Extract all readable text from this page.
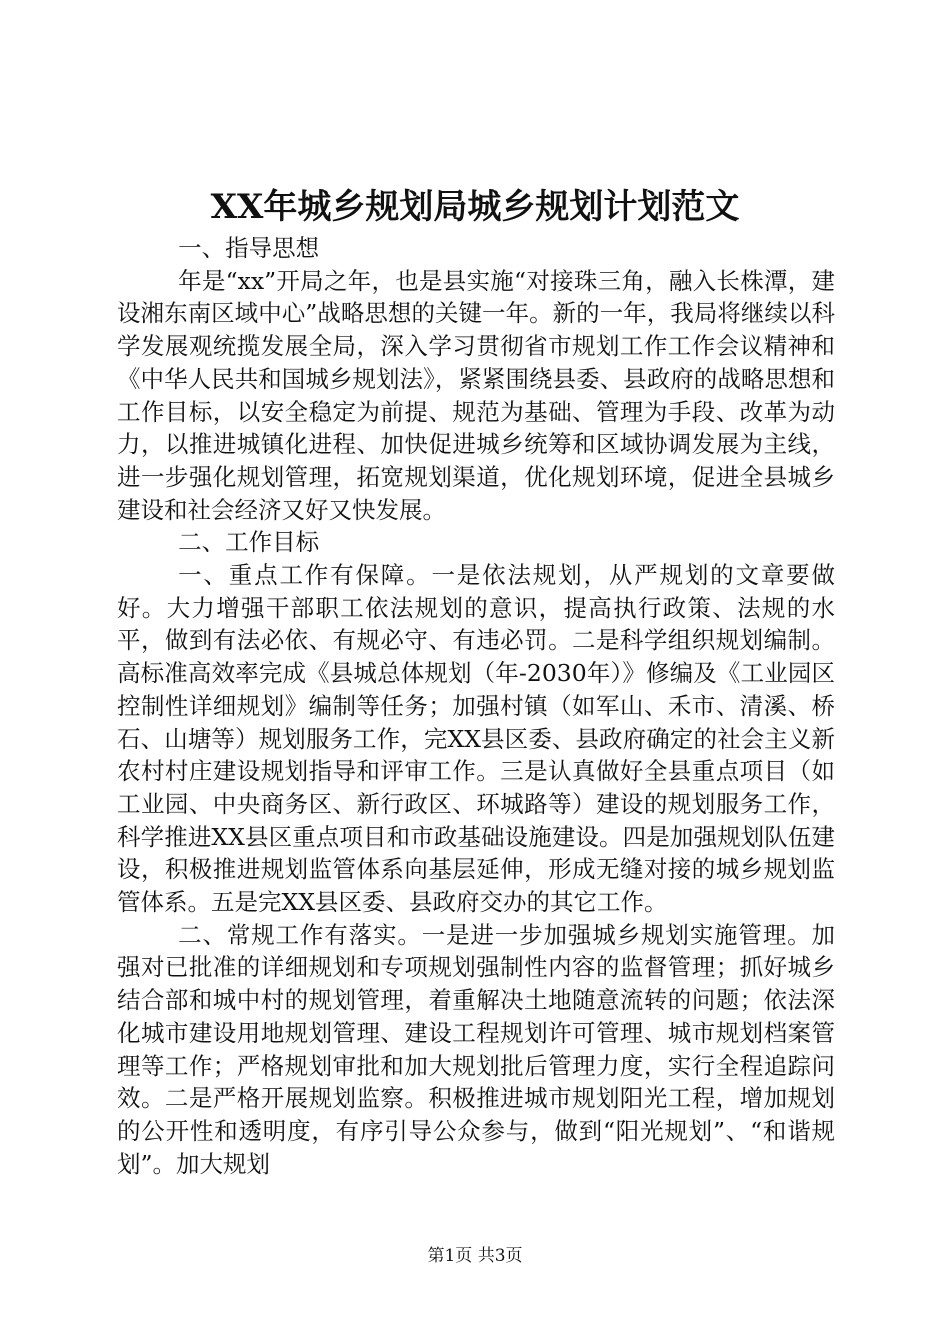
XX年城乡规划局城乡规划计划范文

一、指导思想

年是“xx”开局之年，也是县实施“对接珠三角，融入长株潭，建设湘东南区域中心”战略思想的关键一年。新的一年，我局将继续以科学发展观统揽发展全局，深入学习贯彻省市规划工作工作会议精神和《中华人民共和国城乡规划法》，紧紧围绕县委、县政府的战略思想和工作目标，以安全稳定为前提、规范为基础、管理为手段、改革为动力，以推进城镇化进程、加快促进城乡统筹和区域协调发展为主线，进一步强化规划管理，拓宽规划渠道，优化规划环境，促进全县城乡建设和社会经济又好又快发展。

二、工作目标

一、重点工作有保障。一是依法规划，从严规划的文章要做好。大力增强干部职工依法规划的意识，提高执行政策、法规的水平，做到有法必依、有规必守、有违必罚。二是科学组织规划编制。高标准高效率完成《县城总体规划（年-2030年）》修编及《工业园区控制性详细规划》编制等任务；加强村镇（如军山、禾市、清溪、桥石、山塘等）规划服务工作，完XX县区委、县政府确定的社会主义新农村村庄建设规划指导和评审工作。三是认真做好全县重点项目（如工业园、中央商务区、新行政区、环城路等）建设的规划服务工作，科学推进XX县区重点项目和市政基础设施建设。四是加强规划队伍建设，积极推进规划监管体系向基层延伸，形成无缝对接的城乡规划监管体系。五是完XX县区委、县政府交办的其它工作。

二、常规工作有落实。一是进一步加强城乡规划实施管理。加强对已批准的详细规划和专项规划强制性内容的监督管理；抓好城乡结合部和城中村的规划管理，着重解决土地随意流转的问题；依法深化城市建设用地规划管理、建设工程规划许可管理、城市规划档案管理等工作；严格规划审批和加大规划批后管理力度，实行全程追踪问效。二是严格开展规划监察。积极推进城市规划阳光工程，增加规划的公开性和透明度，有序引导公众参与，做到“阳光规划”、“和谐规划”。加大规划

第1页 共3页
